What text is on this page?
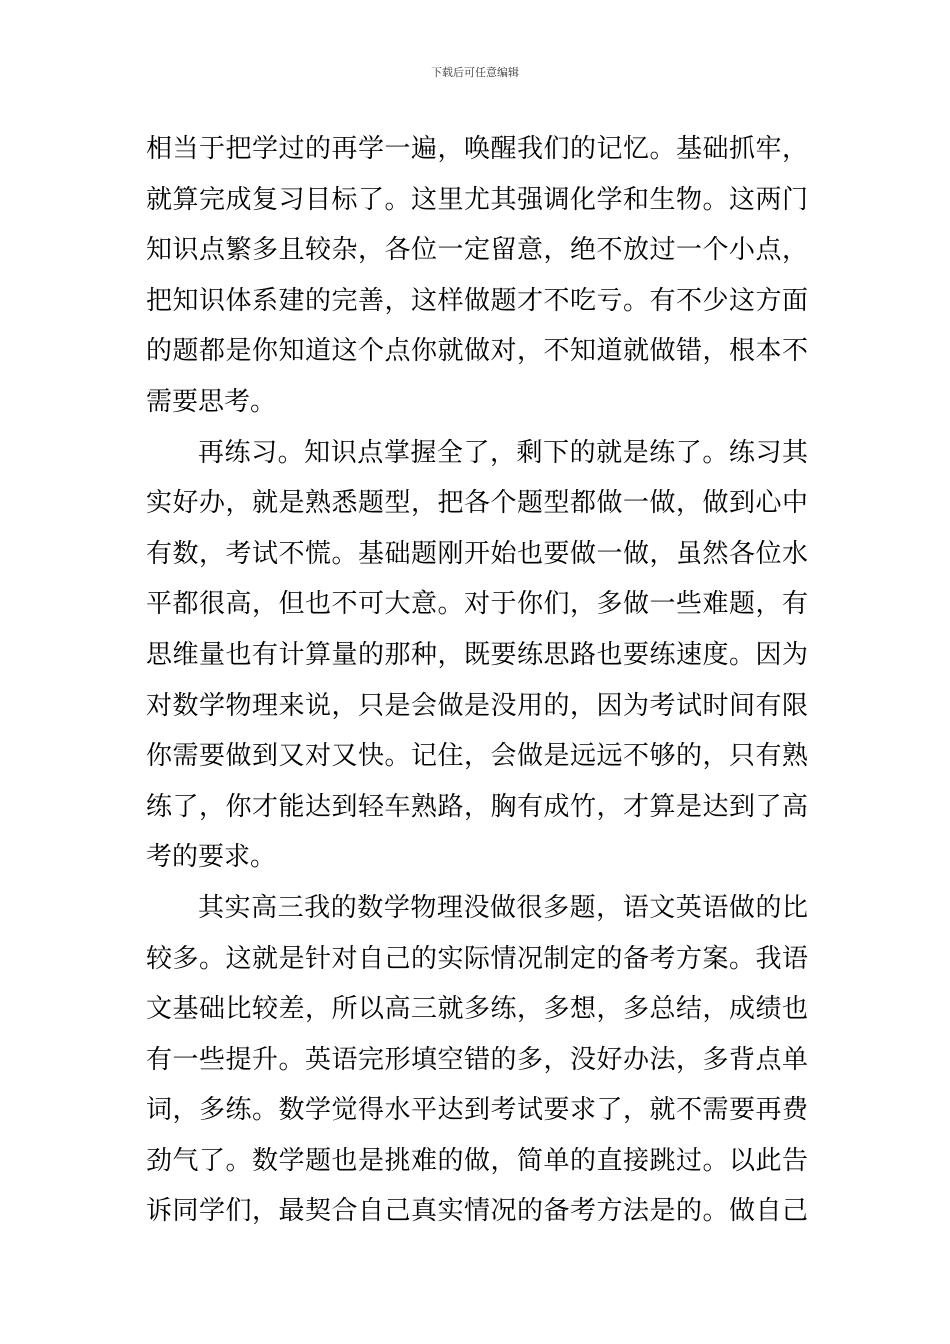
下载后可任意编辑
相当于把学过的再学一遍，唤醒我们的记忆。基础抓牢，
就算完成复习目标了。这里尤其强调化学和生物。这两门
知识点繁多且较杂，各位一定留意，绝不放过一个小点，
把知识体系建的完善，这样做题才不吃亏。有不少这方面
的题都是你知道这个点你就做对，不知道就做错，根本不
需要思考。
再练习。知识点掌握全了，剩下的就是练了。练习其
实好办，就是熟悉题型，把各个题型都做一做，做到心中
有数，考试不慌。基础题刚开始也要做一做，虽然各位水
平都很高，但也不可大意。对于你们，多做一些难题，有
思维量也有计算量的那种，既要练思路也要练速度。因为
对数学物理来说，只是会做是没用的，因为考试时间有限
你需要做到又对又快。记住，会做是远远不够的，只有熟
练了，你才能达到轻车熟路，胸有成竹，才算是达到了高
考的要求。
其实高三我的数学物理没做很多题，语文英语做的比
较多。这就是针对自己的实际情况制定的备考方案。我语
文基础比较差，所以高三就多练，多想，多总结，成绩也
有一些提升。英语完形填空错的多，没好办法，多背点单
词，多练。数学觉得水平达到考试要求了，就不需要再费
劲气了。数学题也是挑难的做，简单的直接跳过。以此告
诉同学们，最契合自己真实情况的备考方法是的。做自己
